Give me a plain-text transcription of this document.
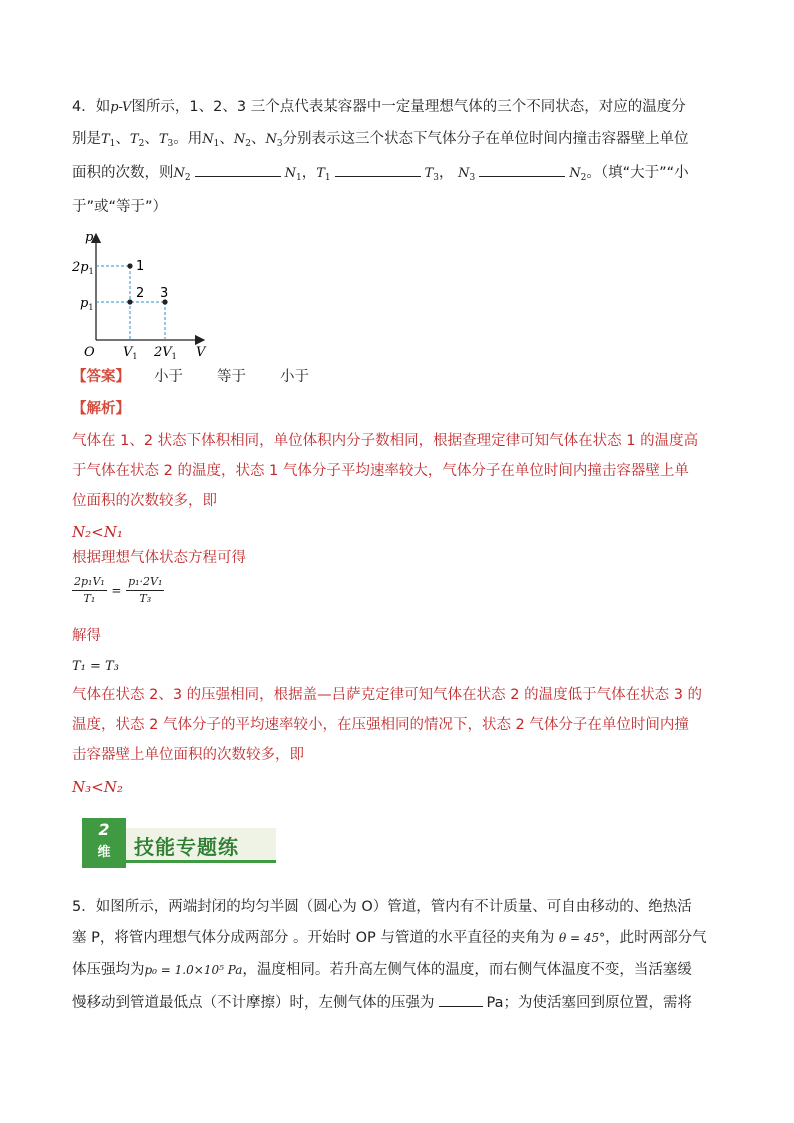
4．如p-V图所示，1、2、3 三个点代表某容器中一定量理想气体的三个不同状态，对应的温度分
别是$T_1$、$T_2$、$T_3$。用$N_1$、$N_2$、$N_3$分别表示这三个状态下气体分子在单位时间内撞击容器壁上单位
面积的次数，则$N_2$	$N_1$，$T_1$	$T_3$， $N_3$	$N_2$。（填“大于”“小
于”或“等于”）
p
V
O
$2p_1$
$p_1$
$V_1$ $2V_1$
1
2 3
【答案】 小于 等于 小于
【解析】
气体在 1、2 状态下体积相同，单位体积内分子数相同，根据查理定律可知气体在状态 1 的温度高
于气体在状态 2 的温度，状态 1 气体分子平均速率较大，气体分子在单位时间内撞击容器壁上单
位面积的次数较多，即
N₂<N₁
根据理想气体状态方程可得
$\frac{\text{2p₁V₁}}{\text{T₁}} = \frac{\text{p₁·2V₁}}{\text{T₃}}$
解得
T₁ = T₃
气体在状态 2、3 的压强相同，根据盖—吕萨克定律可知气体在状态 2 的温度低于气体在状态 3 的
温度，状态 2 气体分子的平均速率较小，在压强相同的情况下，状态 2 气体分子在单位时间内撞
击容器壁上单位面积的次数较多，即
N₃<N₂
2
维	技能专题练
5．如图所示，两端封闭的均匀半圆（圆心为 O）管道，管内有不计质量、可自由移动的、绝热活
塞 P，将管内理想气体分成两部分 。开始时 OP 与管道的水平直径的夹角为 θ = 45°，此时两部分气
体压强均为p₀ = 1.0×10⁵ Pa，温度相同。若升高左侧气体的温度，而右侧气体温度不变，当活塞缓
慢移动到管道最低点（不计摩擦）时，左侧气体的压强为	Pa；为使活塞回到原位置，需将
